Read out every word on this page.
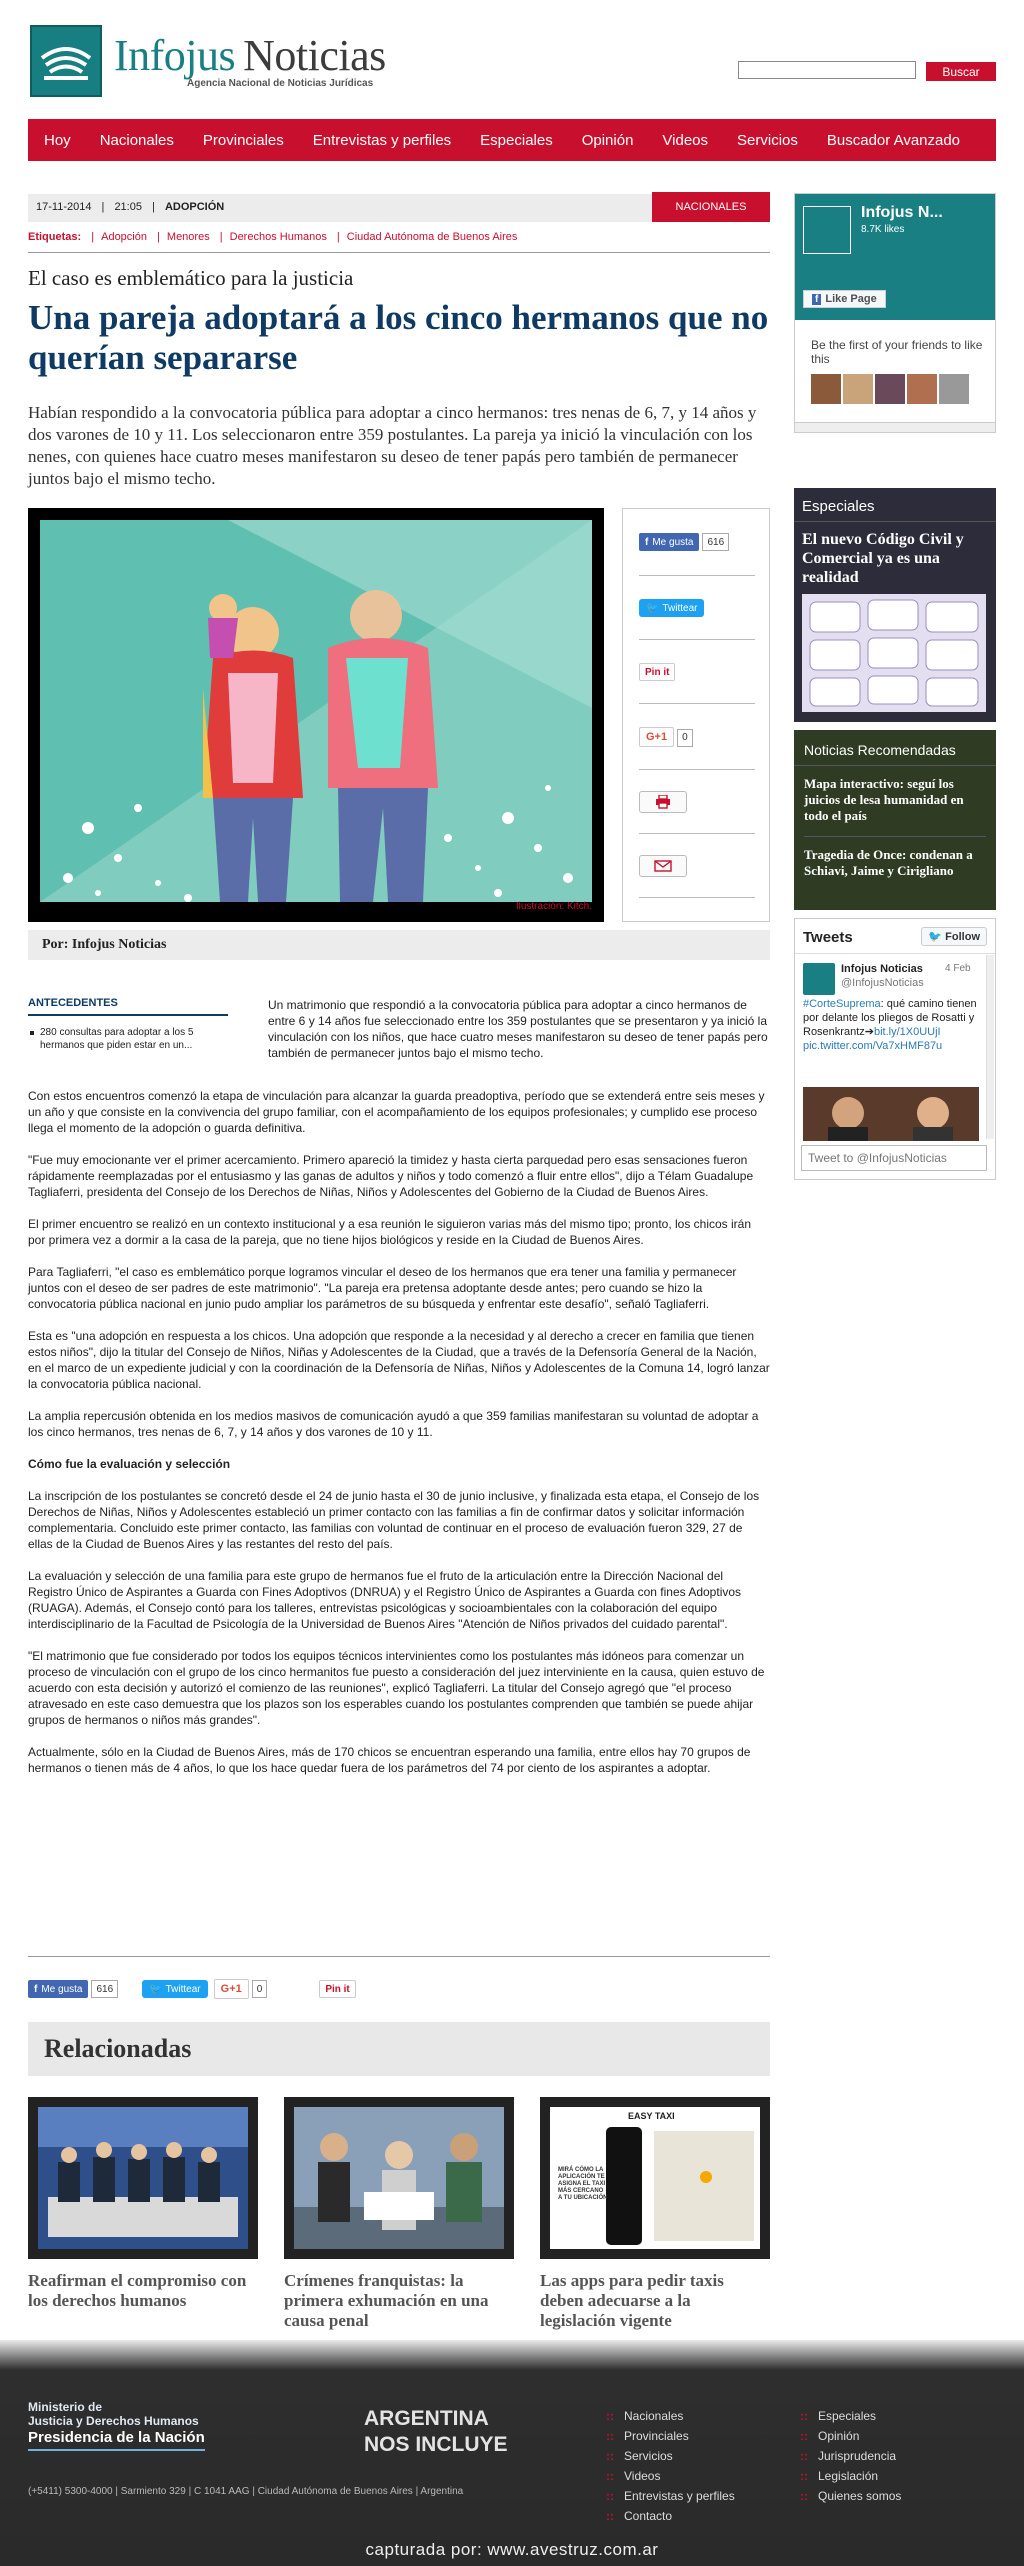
Infojus Noticias
Agencia Nacional de Noticias Jurídicas
Buscar
Hoy Nacionales Provinciales Entrevistas y perfiles Especiales Opinión Videos Servicios Buscador Avanzado
17-11-2014 | 21:05 | ADOPCIÓN	NACIONALES
Etiquetas: | Adopción | Menores | Derechos Humanos | Ciudad Autónoma de Buenos Aires
El caso es emblemático para la justicia
Una pareja adoptará a los cinco hermanos que no querían separarse
Habían respondido a la convocatoria pública para adoptar a cinco hermanos: tres nenas de 6, 7, y 14 años y dos varones de 10 y 11. Los seleccionaron entre 359 postulantes. La pareja ya inició la vinculación con los nenes, con quienes hace cuatro meses manifestaron su deseo de tener papás pero también de permanecer juntos bajo el mismo techo.
Ilustración: Kitch.
f Me gusta 616
🐦 Twittear
Pin it
G+1 0
Por: Infojus Noticias
ANTECEDENTES
280 consultas para adoptar a los 5 hermanos que piden estar en un...
Un matrimonio que respondió a la convocatoria pública para adoptar a cinco hermanos de entre 6 y 14 años fue seleccionado entre los 359 postulantes que se presentaron y ya inició la vinculación con los niños, que hace cuatro meses manifestaron su deseo de tener papás pero también de permanecer juntos bajo el mismo techo.

Con estos encuentros comenzó la etapa de vinculación para alcanzar la guarda preadoptiva, período que se extenderá entre seis meses y un año y que consiste en la convivencia del grupo familiar, con el acompañamiento de los equipos profesionales; y cumplido ese proceso llega el momento de la adopción o guarda definitiva.

"Fue muy emocionante ver el primer acercamiento. Primero apareció la timidez y hasta cierta parquedad pero esas sensaciones fueron rápidamente reemplazadas por el entusiasmo y las ganas de adultos y niños y todo comenzó a fluir entre ellos", dijo a Télam Guadalupe Tagliaferri, presidenta del Consejo de los Derechos de Niñas, Niños y Adolescentes del Gobierno de la Ciudad de Buenos Aires.

El primer encuentro se realizó en un contexto institucional y a esa reunión le siguieron varias más del mismo tipo; pronto, los chicos irán por primera vez a dormir a la casa de la pareja, que no tiene hijos biológicos y reside en la Ciudad de Buenos Aires.

Para Tagliaferri, "el caso es emblemático porque logramos vincular el deseo de los hermanos que era tener una familia y permanecer juntos con el deseo de ser padres de este matrimonio". "La pareja era pretensa adoptante desde antes; pero cuando se hizo la convocatoria pública nacional en junio pudo ampliar los parámetros de su búsqueda y enfrentar este desafío", señaló Tagliaferri.

Esta es "una adopción en respuesta a los chicos. Una adopción que responde a la necesidad y al derecho a crecer en familia que tienen estos niños", dijo la titular del Consejo de Niños, Niñas y Adolescentes de la Ciudad, que a través de la Defensoría General de la Nación, en el marco de un expediente judicial y con la coordinación de la Defensoría de Niñas, Niños y Adolescentes de la Comuna 14, logró lanzar la convocatoria pública nacional.

La amplia repercusión obtenida en los medios masivos de comunicación ayudó a que 359 familias manifestaran su voluntad de adoptar a los cinco hermanos, tres nenas de 6, 7, y 14 años y dos varones de 10 y 11.

Cómo fue la evaluación y selección

La inscripción de los postulantes se concretó desde el 24 de junio hasta el 30 de junio inclusive, y finalizada esta etapa, el Consejo de los Derechos de Niñas, Niños y Adolescentes estableció un primer contacto con las familias a fin de confirmar datos y solicitar información complementaria. Concluido este primer contacto, las familias con voluntad de continuar en el proceso de evaluación fueron 329, 27 de ellas de la Ciudad de Buenos Aires y las restantes del resto del país.

La evaluación y selección de una familia para este grupo de hermanos fue el fruto de la articulación entre la Dirección Nacional del Registro Único de Aspirantes a Guarda con Fines Adoptivos (DNRUA) y el Registro Único de Aspirantes a Guarda con fines Adoptivos (RUAGA). Además, el Consejo contó para los talleres, entrevistas psicológicas y socioambientales con la colaboración del equipo interdisciplinario de la Facultad de Psicología de la Universidad de Buenos Aires "Atención de Niños privados del cuidado parental".

"El matrimonio que fue considerado por todos los equipos técnicos intervinientes como los postulantes más idóneos para comenzar un proceso de vinculación con el grupo de los cinco hermanitos fue puesto a consideración del juez interviniente en la causa, quien estuvo de acuerdo con esta decisión y autorizó el comienzo de las reuniones", explicó Tagliaferri. La titular del Consejo agregó que "el proceso atravesado en este caso demuestra que los plazos son los esperables cuando los postulantes comprenden que también se puede ahijar grupos de hermanos o niños más grandes".

Actualmente, sólo en la Ciudad de Buenos Aires, más de 170 chicos se encuentran esperando una familia, entre ellos hay 70 grupos de hermanos o tienen más de 4 años, lo que los hace quedar fuera de los parámetros del 74 por ciento de los aspirantes a adoptar.

f Me gusta	616	🐦 Twittear	G+1	0	Pin it
Relacionadas
Reafirman el compromiso con los derechos humanos
Crímenes franquistas: la primera exhumación en una causa penal
EASY TAXI
MIRÁ CÓMO LA APLICACIÓN TE ASIGNA EL TAXI MÁS CERCANO A TU UBICACIÓN
Las apps para pedir taxis deben adecuarse a la legislación vigente
Infojus N...
8.7K likes
f Like Page
Be the first of your friends to like this
Especiales
El nuevo Código Civil y Comercial ya es una realidad
Noticias Recomendadas
Mapa interactivo: seguí los juicios de lesa humanidad en todo el país
Tragedia de Once: condenan a Schiavi, Jaime y Cirigliano
Tweets	🐦 Follow
Infojus Noticias
@InfojusNoticias
4 Feb
#CorteSuprema: qué camino tienen por delante los pliegos de Rosatti y Rosenkrantz➔bit.ly/1X0UUjI pic.twitter.com/Va7xHMF87u
Tweet to @InfojusNoticias
Ministerio de
Justicia y Derechos Humanos
Presidencia de la Nación
(+5411) 5300-4000 | Sarmiento 329 | C 1041 AAG | Ciudad Autónoma de Buenos Aires | Argentina
ARGENTINA
NOS INCLUYE
:: Nacionales
:: Provinciales
:: Servicios
:: Videos
:: Entrevistas y perfiles
:: Contacto
:: Especiales
:: Opinión
:: Jurisprudencia
:: Legislación
:: Quienes somos
capturada por: www.avestruz.com.ar
